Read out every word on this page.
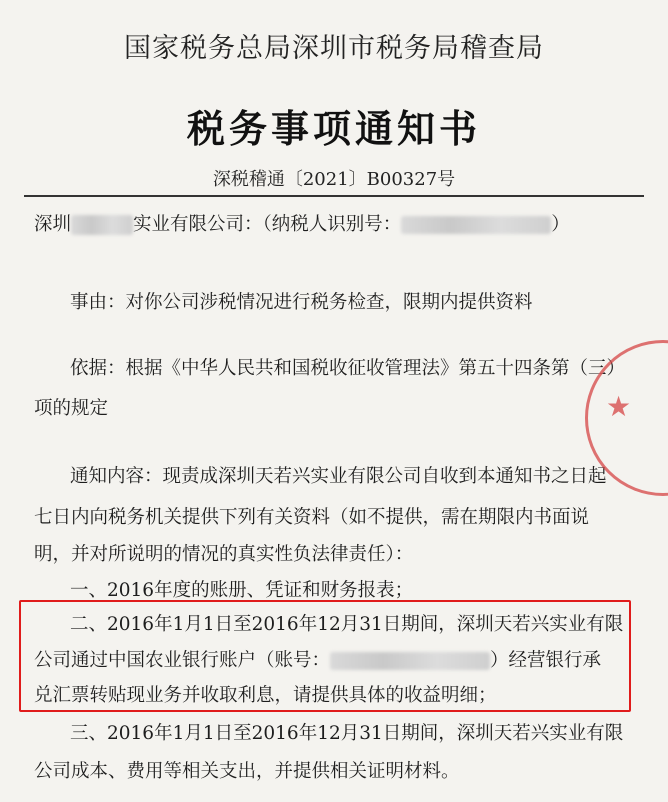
国家税务总局深圳市税务局稽查局
税务事项通知书
深税稽通〔2021〕B00327号
深圳	实业有限公司：（纳税人识别号：	）
事由：对你公司涉税情况进行税务检查，限期内提供资料
依据：根据《中华人民共和国税收征收管理法》第五十四条第（三）
项的规定
通知内容：现责成深圳天若兴实业有限公司自收到本通知书之日起
七日内向税务机关提供下列有关资料（如不提供，需在期限内书面说
明，并对所说明的情况的真实性负法律责任）：
一、2016年度的账册、凭证和财务报表；
二、2016年1月1日至2016年12月31日期间，深圳天若兴实业有限
公司通过中国农业银行账户（账号：	）经营银行承
兑汇票转贴现业务并收取利息，请提供具体的收益明细；
三、2016年1月1日至2016年12月31日期间，深圳天若兴实业有限
公司成本、费用等相关支出，并提供相关证明材料。
★
